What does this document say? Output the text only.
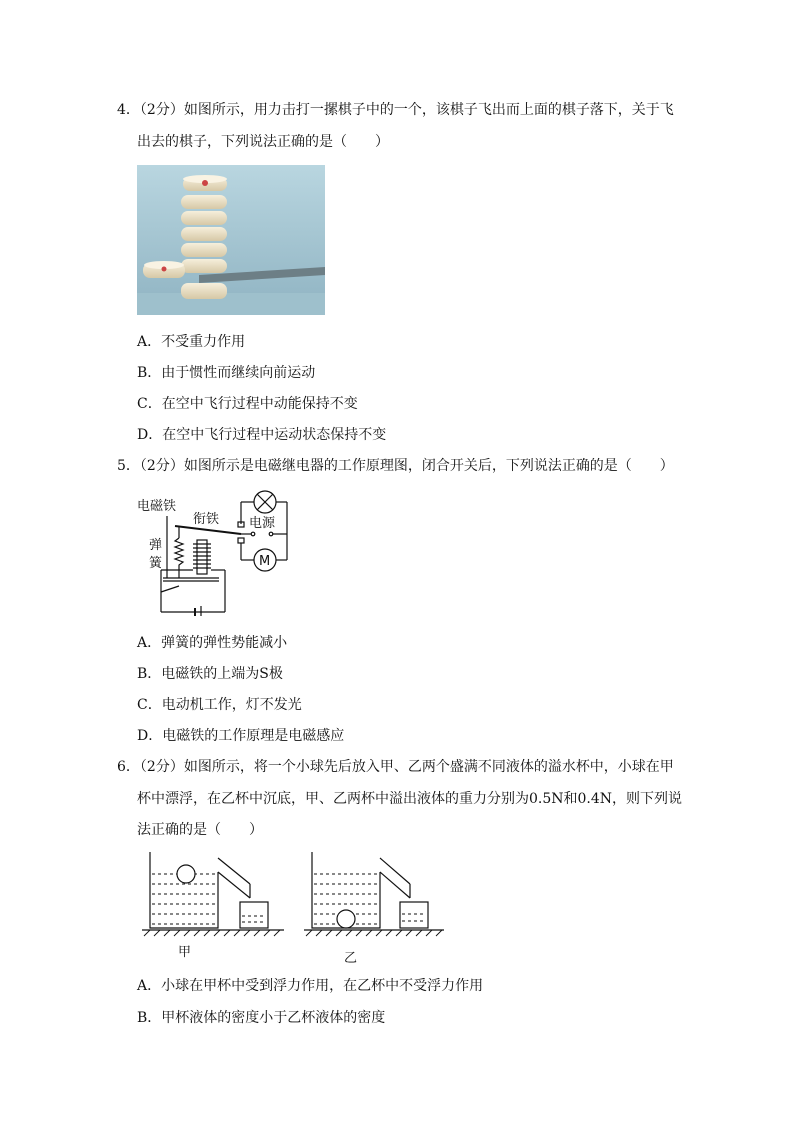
4．（2分）如图所示，用力击打一摞棋子中的一个，该棋子飞出而上面的棋子落下，关于飞
出去的棋子，下列说法正确的是（　　）
A．不受重力作用
B．由于惯性而继续向前运动
C．在空中飞行过程中动能保持不变
D．在空中飞行过程中运动状态保持不变
5．（2分）如图所示是电磁继电器的工作原理图，闭合开关后，下列说法正确的是（　　）
电磁铁
衔铁 电源
弹
簧	M
A．弹簧的弹性势能减小
B．电磁铁的上端为S极
C．电动机工作，灯不发光
D．电磁铁的工作原理是电磁感应
6．（2分）如图所示，将一个小球先后放入甲、乙两个盛满不同液体的溢水杯中，小球在甲
杯中漂浮，在乙杯中沉底，甲、乙两杯中溢出液体的重力分别为0.5N和0.4N，则下列说
法正确的是（　　）
甲	乙
A．小球在甲杯中受到浮力作用，在乙杯中不受浮力作用
B．甲杯液体的密度小于乙杯液体的密度
